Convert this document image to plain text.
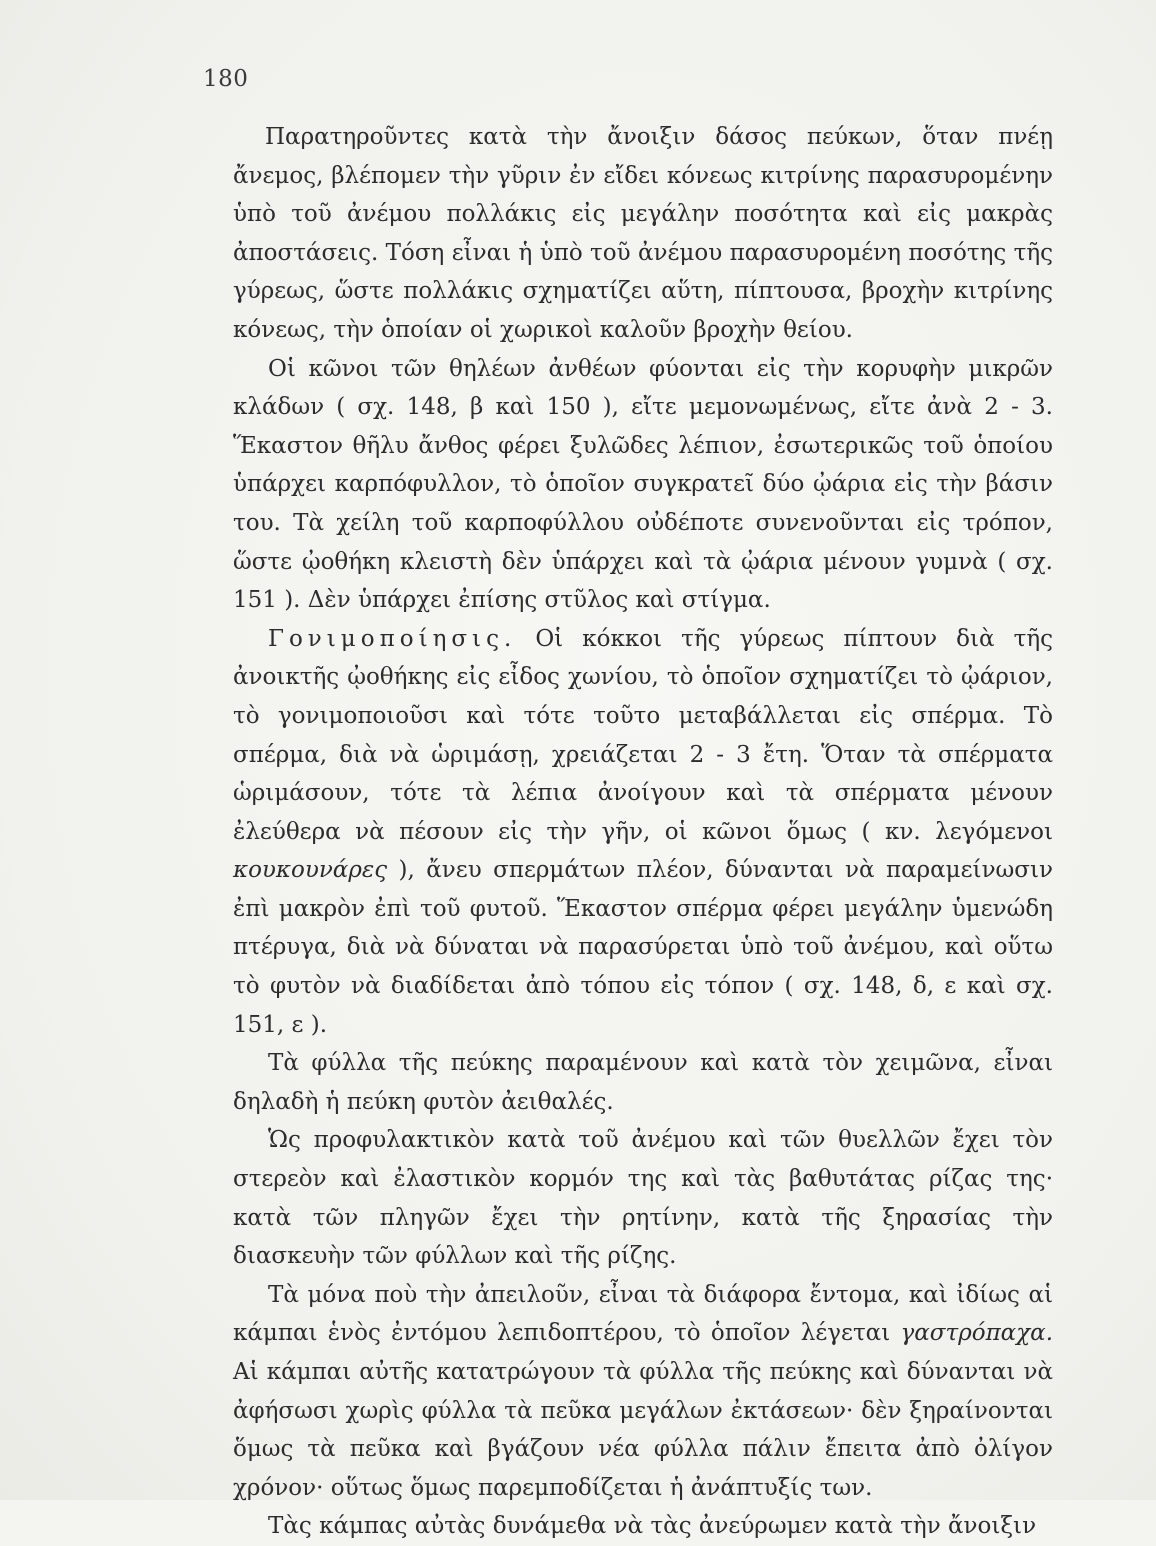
180

Παρατηροῦντες κατὰ τὴν ἄνοιξιν δάσος πεύκων, ὅταν πνέῃ ἄνεμος, βλέπομεν τὴν γῦριν ἐν εἴδει κόνεως κιτρίνης παρασυρομένην ὑπὸ τοῦ ἀνέμου πολλάκις εἰς μεγάλην ποσότητα καὶ εἰς μακρὰς ἀποστάσεις. Τόση εἶναι ἡ ὑπὸ τοῦ ἀνέμου παρασυρομένη ποσότης τῆς γύρεως, ὥστε πολλάκις σχηματίζει αὕτη, πίπτουσα, βροχὴν κιτρίνης κόνεως, τὴν ὁποίαν οἱ χωρικοὶ καλοῦν βροχὴν θείου.

Οἱ κῶνοι τῶν θηλέων ἀνθέων φύονται εἰς τὴν κορυφὴν μικρῶν κλάδων ( σχ. 148, β καὶ 150 ), εἴτε μεμονωμένως, εἴτε ἀνὰ 2 - 3. Ἕκαστον θῆλυ ἄνθος φέρει ξυλῶδες λέπιον, ἐσωτερικῶς τοῦ ὁποίου ὑπάρχει καρπόφυλλον, τὸ ὁποῖον συγκρατεῖ δύο ᾠάρια εἰς τὴν βάσιν του. Τὰ χείλη τοῦ καρποφύλλου οὐδέποτε συνενοῦνται εἰς τρόπον, ὥστε ᾠοθήκη κλειστὴ δὲν ὑπάρχει καὶ τὰ ᾠάρια μένουν γυμνὰ ( σχ. 151 ). Δὲν ὑπάρχει ἐπίσης στῦλος καὶ στίγμα.

Γονιμοποίησις. Οἱ κόκκοι τῆς γύρεως πίπτουν διὰ τῆς ἀνοικτῆς ᾠοθήκης εἰς εἶδος χωνίου, τὸ ὁποῖον σχηματίζει τὸ ᾠάριον, τὸ γονιμοποιοῦσι καὶ τότε τοῦτο μεταβάλλεται εἰς σπέρμα. Τὸ σπέρμα, διὰ νὰ ὡριμάσῃ, χρειάζεται 2 - 3 ἔτη. Ὅταν τὰ σπέρματα ὡριμάσουν, τότε τὰ λέπια ἀνοίγουν καὶ τὰ σπέρματα μένουν ἐλεύθερα νὰ πέσουν εἰς τὴν γῆν, οἱ κῶνοι ὅμως ( κν. λεγόμενοι κουκουνάρες ), ἄνευ σπερμάτων πλέον, δύνανται νὰ παραμείνωσιν ἐπὶ μακρὸν ἐπὶ τοῦ φυτοῦ. Ἕκαστον σπέρμα φέρει μεγάλην ὑμενώδη πτέρυγα, διὰ νὰ δύναται νὰ παρασύρεται ὑπὸ τοῦ ἀνέμου, καὶ οὕτω τὸ φυτὸν νὰ διαδίδεται ἀπὸ τόπου εἰς τόπον ( σχ. 148, δ, ε καὶ σχ. 151, ε ).

Τὰ φύλλα τῆς πεύκης παραμένουν καὶ κατὰ τὸν χειμῶνα, εἶναι δηλαδὴ ἡ πεύκη φυτὸν ἀειθαλές.

Ὡς προφυλακτικὸν κατὰ τοῦ ἀνέμου καὶ τῶν θυελλῶν ἔχει τὸν στερεὸν καὶ ἐλαστικὸν κορμόν της καὶ τὰς βαθυτάτας ρίζας της· κατὰ τῶν πληγῶν ἔχει τὴν ρητίνην, κατὰ τῆς ξηρασίας τὴν διασκευὴν τῶν φύλλων καὶ τῆς ρίζης.

Τὰ μόνα ποὺ τὴν ἀπειλοῦν, εἶναι τὰ διάφορα ἔντομα, καὶ ἰδίως αἱ κάμπαι ἑνὸς ἐντόμου λεπιδοπτέρου, τὸ ὁποῖον λέγεται γαστρόπαχα. Αἱ κάμπαι αὐτῆς κατατρώγουν τὰ φύλλα τῆς πεύκης καὶ δύνανται νὰ ἀφήσωσι χωρὶς φύλλα τὰ πεῦκα μεγάλων ἐκτάσεων· δὲν ξηραίνονται ὅμως τὰ πεῦκα καὶ βγάζουν νέα φύλλα πάλιν ἔπειτα ἀπὸ ὀλίγον χρόνον· οὕτως ὅμως παρεμποδίζεται ἡ ἀνάπτυξίς των.

Τὰς κάμπας αὐτὰς δυνάμεθα νὰ τὰς ἀνεύρωμεν κατὰ τὴν ἄνοιξιν
